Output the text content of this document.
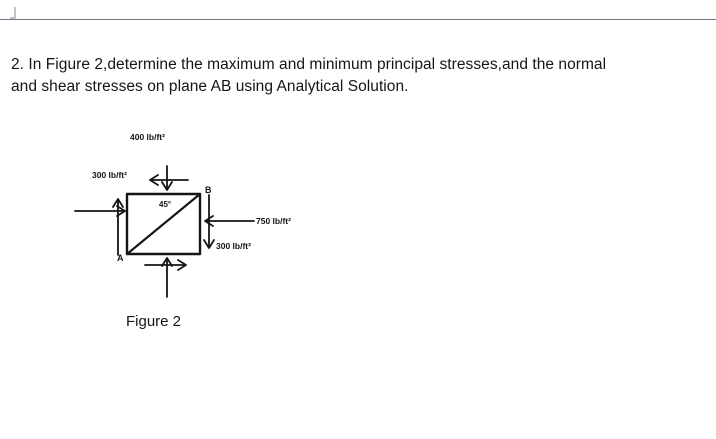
2. In Figure 2,determine the maximum and minimum principal stresses,and the normal
and shear stresses on plane AB using Analytical Solution.
400 lb/ft²
300 lb/ft²
45°
B
A
750 lb/ft²
300 lb/ft²
Figure 2
